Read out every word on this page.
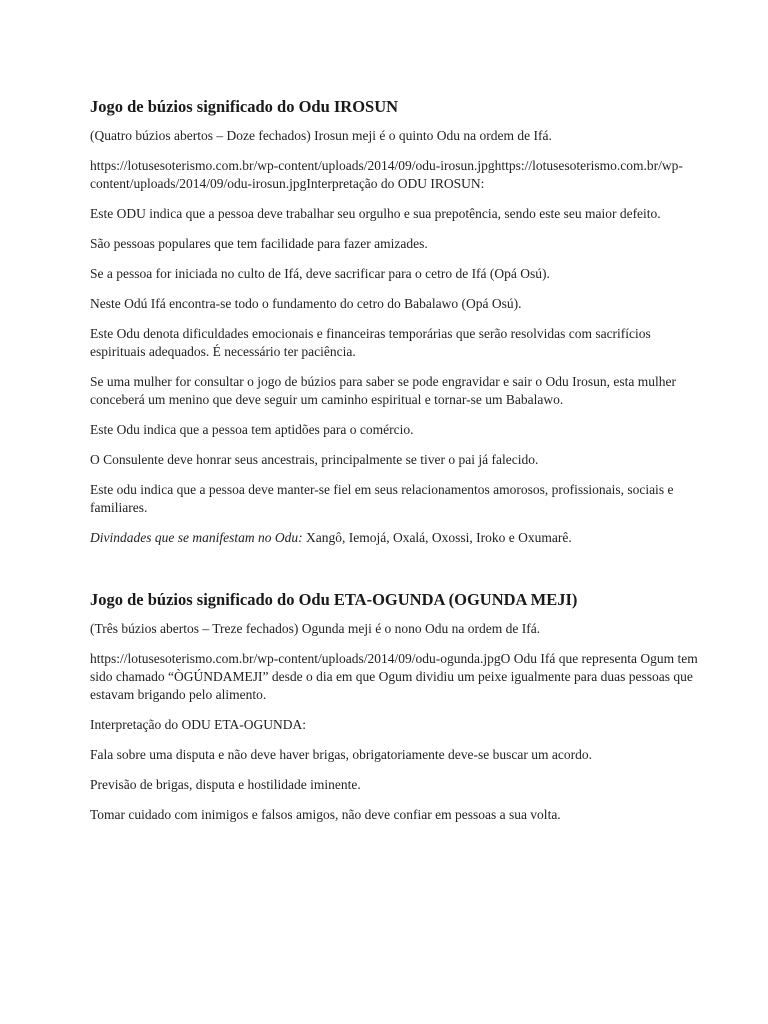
Jogo de búzios significado do Odu IROSUN

(Quatro búzios abertos – Doze fechados) Irosun meji é o quinto Odu na ordem de Ifá.

https://lotusesoterismo.com.br/wp-content/uploads/2014/09/odu-irosun.jpghttps://lotusesoterismo.com.br/wp-content/uploads/2014/09/odu-irosun.jpgInterpretação do ODU IROSUN:

Este ODU indica que a pessoa deve trabalhar seu orgulho e sua prepotência, sendo este seu maior defeito.

São pessoas populares que tem facilidade para fazer amizades.

Se a pessoa for iniciada no culto de Ifá, deve sacrificar para o cetro de Ifá (Opá Osú).

Neste Odú Ifá encontra-se todo o fundamento do cetro do Babalawo (Opá Osú).

Este Odu denota dificuldades emocionais e financeiras temporárias que serão resolvidas com sacrifícios espirituais adequados. É necessário ter paciência.

Se uma mulher for consultar o jogo de búzios para saber se pode engravidar e sair o Odu Irosun, esta mulher conceberá um menino que deve seguir um caminho espiritual e tornar-se um Babalawo.

Este Odu indica que a pessoa tem aptidões para o comércio.

O Consulente deve honrar seus ancestrais, principalmente se tiver o pai já falecido.

Este odu indica que a pessoa deve manter-se fiel em seus relacionamentos amorosos, profissionais, sociais e familiares.

Divindades que se manifestam no Odu: Xangô, Iemojá, Oxalá, Oxossi, Iroko e Oxumarê.

Jogo de búzios significado do Odu ETA-OGUNDA (OGUNDA MEJI)

(Três búzios abertos – Treze fechados) Ogunda meji é o nono Odu na ordem de Ifá.

https://lotusesoterismo.com.br/wp-content/uploads/2014/09/odu-ogunda.jpgO Odu Ifá que representa Ogum tem sido chamado “ÒGÚNDAMEJI” desde o dia em que Ogum dividiu um peixe igualmente para duas pessoas que estavam brigando pelo alimento.

Interpretação do ODU ETA-OGUNDA:

Fala sobre uma disputa e não deve haver brigas, obrigatoriamente deve-se buscar um acordo.

Previsão de brigas, disputa e hostilidade iminente.

Tomar cuidado com inimigos e falsos amigos, não deve confiar em pessoas a sua volta.
